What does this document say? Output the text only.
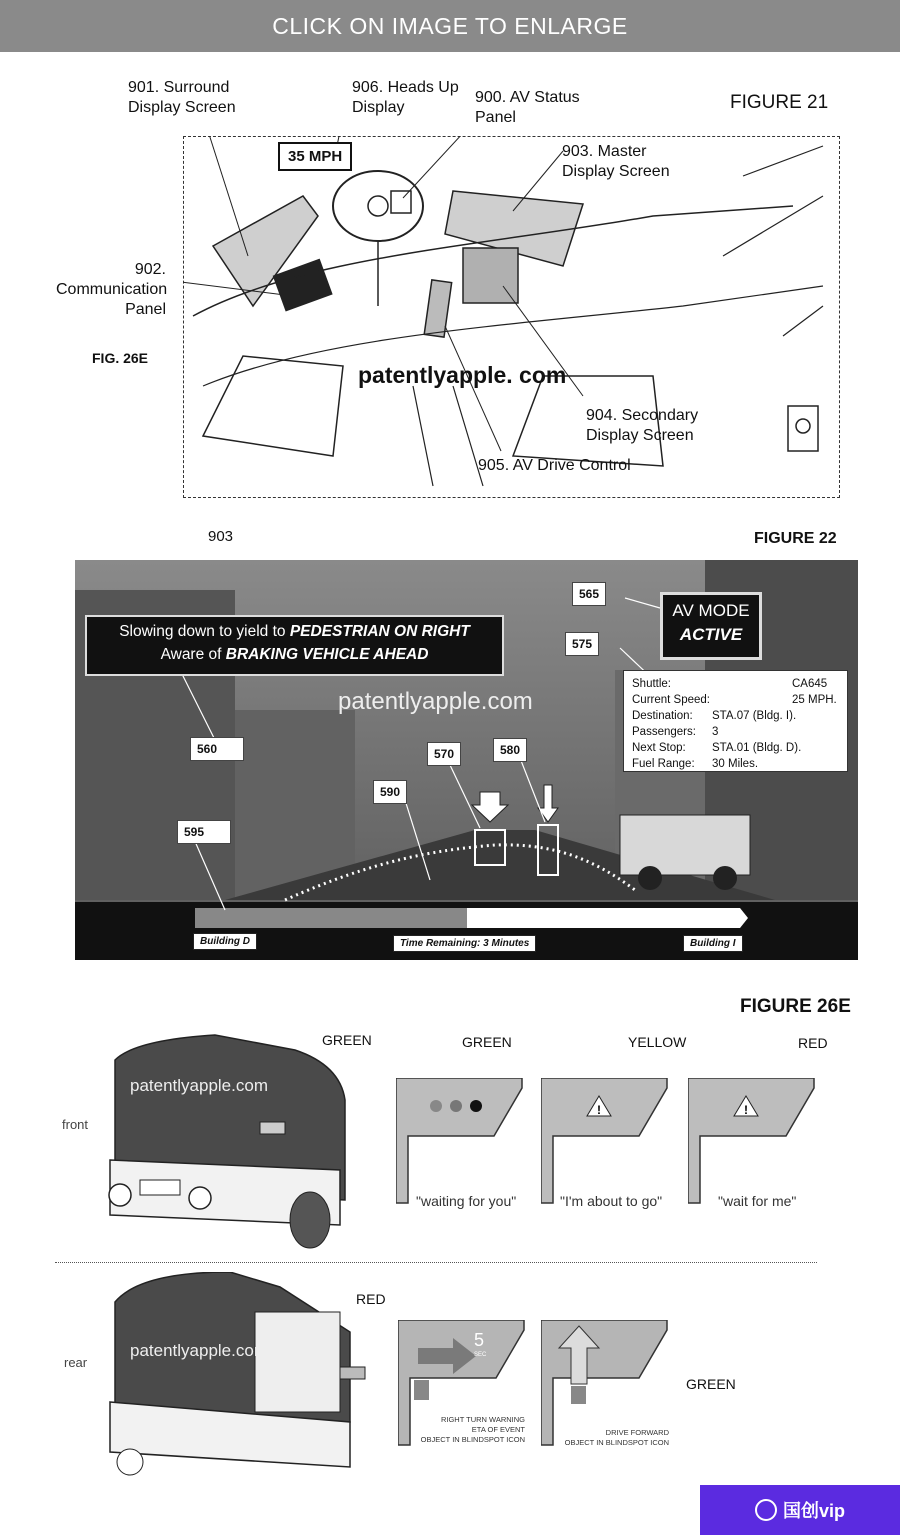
CLICK ON IMAGE TO ENLARGE
901. Surround Display Screen
906. Heads Up Display
900. AV Status Panel
903. Master Display Screen
902. Communication Panel
904. Secondary Display Screen
905. AV Drive Control
FIGURE 21
FIG. 26E
35 MPH
patentlyapple. com
903	FIGURE 22
Slowing down to yield to PEDESTRIAN ON RIGHT
Aware of BRAKING VEHICLE AHEAD
AV MODE
ACTIVE
Shuttle:	CA645
Current Speed:	25 MPH.
Destination: STA.07 (Bldg. I).
Passengers: 3
Next Stop: STA.01 (Bldg. D).
Fuel Range: 30 Miles.
patentlyapple.com
565
575
560	570	580
590
595
Building D	Time Remaining: 3 Minutes	Building I
FIGURE 26E
front
patentlyapple.com
GREEN	GREEN
"waiting for you"
!
YELLOW
"I'm about to go"
!
RED
"wait for me"
rear
patentlyapple.com
RED
5
SEC
RIGHT TURN WARNING
ETA OF EVENT
OBJECT IN BLINDSPOT ICON
GREEN
DRIVE FORWARD
OBJECT IN BLINDSPOT ICON
国创vip
